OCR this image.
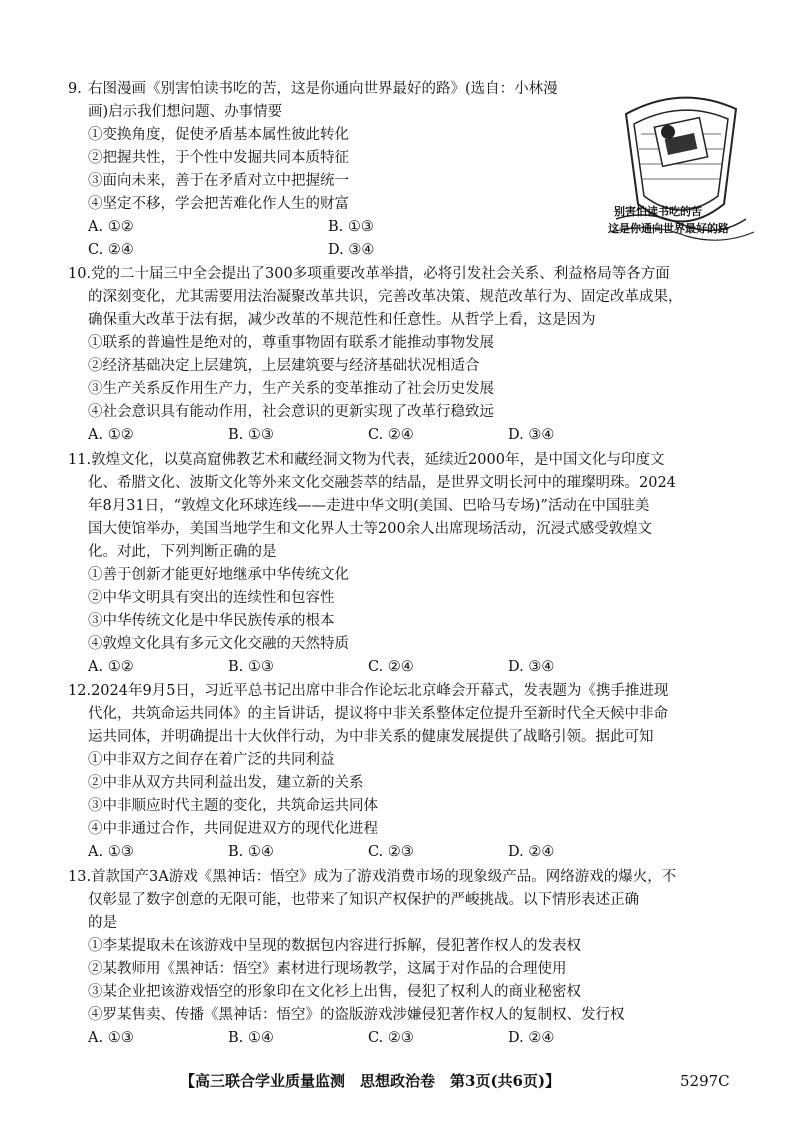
9. 右图漫画《别害怕读书吃的苦，这是你通向世界最好的路》(选自：小林漫
画)启示我们想问题、办事情要
①变换角度，促使矛盾基本属性彼此转化
②把握共性，于个性中发掘共同本质特征
③面向未来，善于在矛盾对立中把握统一
④坚定不移，学会把苦难化作人生的财富
A. ①②	B. ①③
C. ②④	D. ③④
别害怕读书吃的苦
这是你通向世界最好的路
10.党的二十届三中全会提出了300多项重要改革举措，必将引发社会关系、利益格局等各方面
的深刻变化，尤其需要用法治凝聚改革共识，完善改革决策、规范改革行为、固定改革成果，
确保重大改革于法有据，减少改革的不规范性和任意性。从哲学上看，这是因为
①联系的普遍性是绝对的，尊重事物固有联系才能推动事物发展
②经济基础决定上层建筑，上层建筑要与经济基础状况相适合
③生产关系反作用生产力，生产关系的变革推动了社会历史发展
④社会意识具有能动作用，社会意识的更新实现了改革行稳致远
A. ①②	B. ①③	C. ②④	D. ③④
11.敦煌文化，以莫高窟佛教艺术和藏经洞文物为代表，延续近2000年，是中国文化与印度文
化、希腊文化、波斯文化等外来文化交融荟萃的结晶，是世界文明长河中的璀璨明珠。2024
年8月31日，“敦煌文化环球连线——走进中华文明(美国、巴哈马专场)”活动在中国驻美
国大使馆举办，美国当地学生和文化界人士等200余人出席现场活动，沉浸式感受敦煌文
化。对此，下列判断正确的是
①善于创新才能更好地继承中华传统文化
②中华文明具有突出的连续性和包容性
③中华传统文化是中华民族传承的根本
④敦煌文化具有多元文化交融的天然特质
A. ①②	B. ①③	C. ②④	D. ③④
12.2024年9月5日，习近平总书记出席中非合作论坛北京峰会开幕式，发表题为《携手推进现
代化，共筑命运共同体》的主旨讲话，提议将中非关系整体定位提升至新时代全天候中非命
运共同体，并明确提出十大伙伴行动，为中非关系的健康发展提供了战略引领。据此可知
①中非双方之间存在着广泛的共同利益
②中非从双方共同利益出发，建立新的关系
③中非顺应时代主题的变化，共筑命运共同体
④中非通过合作，共同促进双方的现代化进程
A. ①③	B. ①④	C. ②③	D. ②④
13.首款国产3A游戏《黑神话：悟空》成为了游戏消费市场的现象级产品。网络游戏的爆火，不
仅彰显了数字创意的无限可能，也带来了知识产权保护的严峻挑战。以下情形表述正确
的是
①李某提取未在该游戏中呈现的数据包内容进行拆解，侵犯著作权人的发表权
②某教师用《黑神话：悟空》素材进行现场教学，这属于对作品的合理使用
③某企业把该游戏悟空的形象印在文化衫上出售，侵犯了权利人的商业秘密权
④罗某售卖、传播《黑神话：悟空》的盗版游戏涉嫌侵犯著作权人的复制权、发行权
A. ①③	B. ①④	C. ②③	D. ②④
【高三联合学业质量监测　思想政治卷　第3页(共6页)】	5297C
